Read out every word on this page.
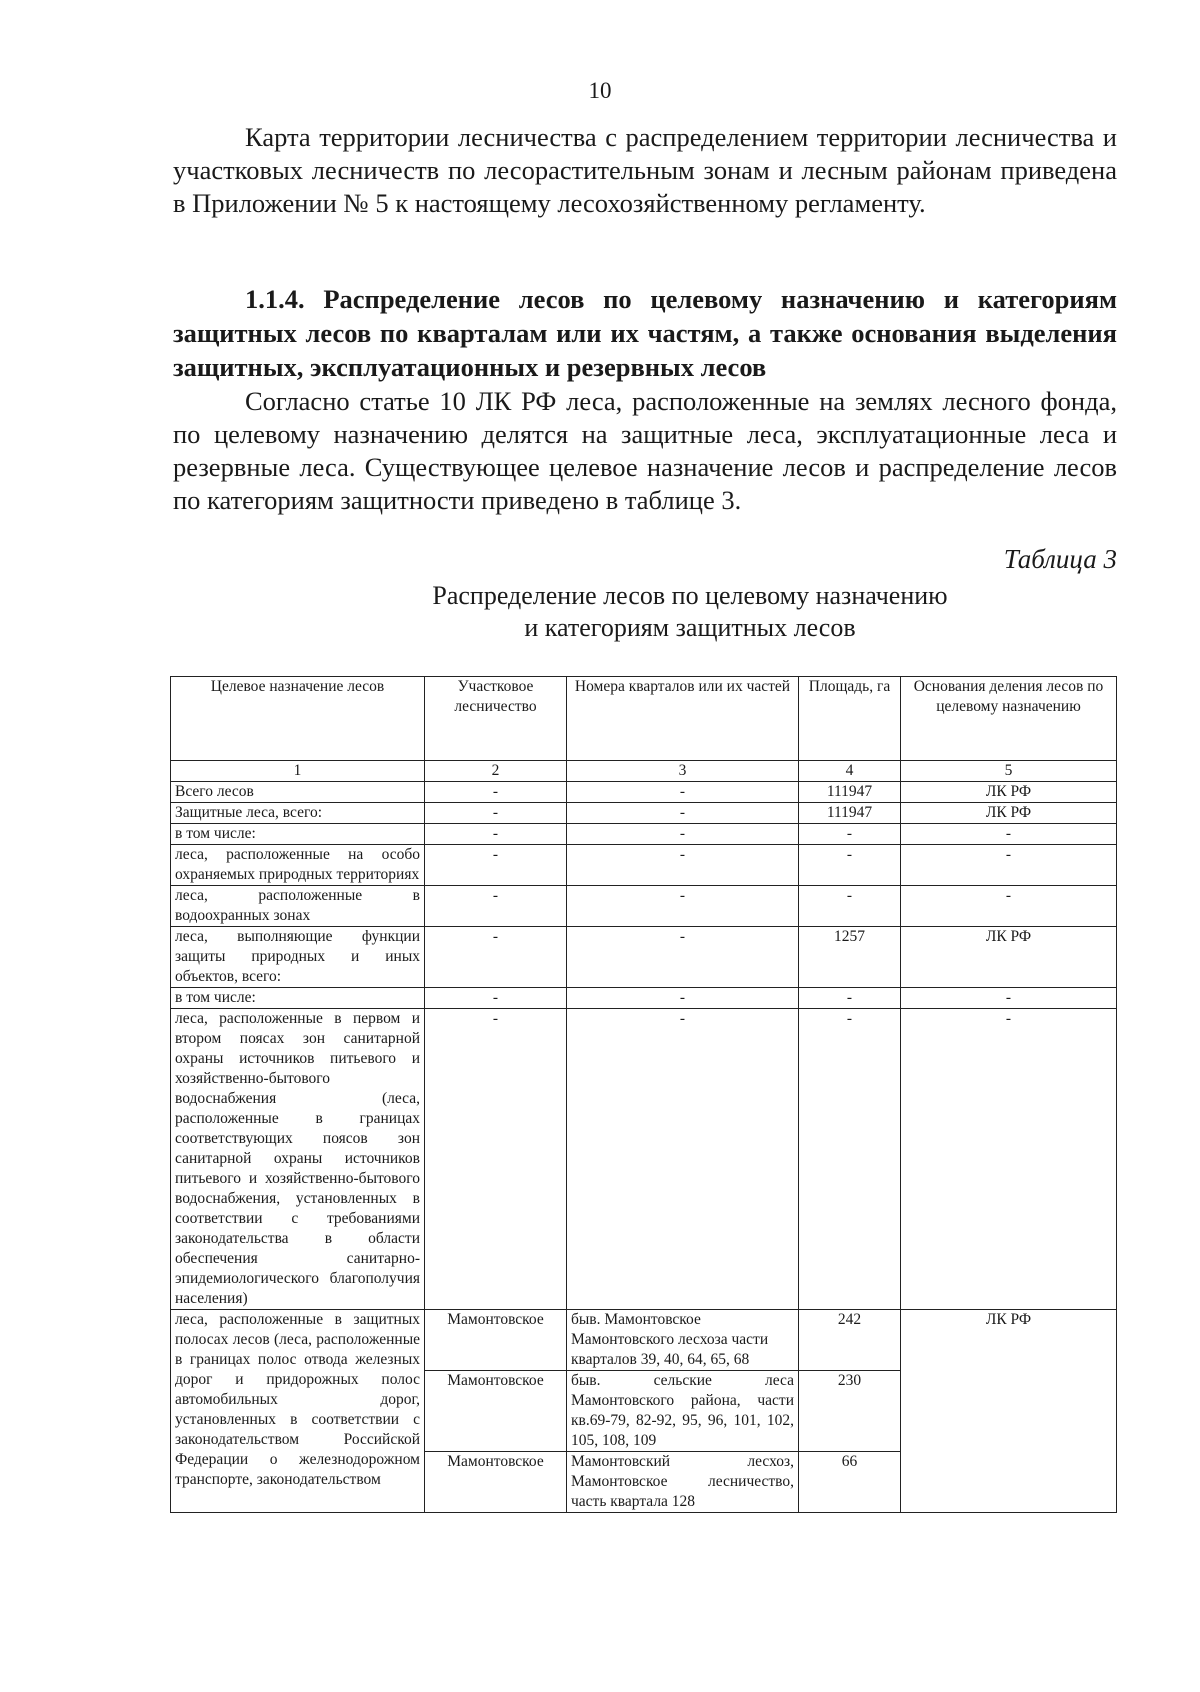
10

Карта территории лесничества с распределением территории лесничества и участковых лесничеств по лесорастительным зонам и лесным районам приведена в Приложении № 5 к настоящему лесохозяйственному регламенту.

1.1.4. Распределение лесов по целевому назначению и категориям защитных лесов по кварталам или их частям, а также основания выделения защитных, эксплуатационных и резервных лесов

Согласно статье 10 ЛК РФ леса, расположенные на землях лесного фонда, по целевому назначению делятся на защитные леса, эксплуатационные леса и резервные леса. Существующее целевое назначение лесов и распределение лесов по категориям защитности приведено в таблице 3.

Таблица 3
Распределение лесов по целевому назначению
и категориям защитных лесов
Целевое назначение лесов	Участковое лесничество	Номера кварталов или их частей	Площадь, га	Основания деления лесов по целевому назначению
1	2	3	4	5
Всего лесов	-	-	111947	ЛК РФ
Защитные леса, всего:	-	-	111947	ЛК РФ
в том числе:	-	-	-	-
леса, расположенные на особо охраняемых природных территориях	-	-	-	-
леса, расположенные в водоохранных зонах	-	-	-	-
леса, выполняющие функции защиты природных и иных объектов, всего:	-	-	1257	ЛК РФ
в том числе:	-	-	-	-
леса, расположенные в первом и втором поясах зон санитарной охраны источников питьевого и хозяйственно-бытового водоснабжения (леса, расположенные в границах соответствующих поясов зон санитарной охраны источников питьевого и хозяйственно-бытового водоснабжения, установленных в соответствии с требованиями законодательства в области обеспечения санитарно-эпидемиологического благополучия населения)	-	-	-	-
леса, расположенные в защитных полосах лесов (леса, расположенные в границах полос отвода железных дорог и придорожных полос автомобильных дорог, установленных в соответствии с законодательством Российской Федерации о железнодорожном транспорте, законодательством	Мамонтовское	быв. Мамонтовское Мамонтовского лесхоза части кварталов 39, 40, 64, 65, 68	242	ЛК РФ
	Мамонтовское	быв. сельские леса Мамонтовского района, части кв.69-79, 82-92, 95, 96, 101, 102, 105, 108, 109	230	
	Мамонтовское	Мамонтовский лесхоз, Мамонтовское лесничество, часть квартала 128	66	
